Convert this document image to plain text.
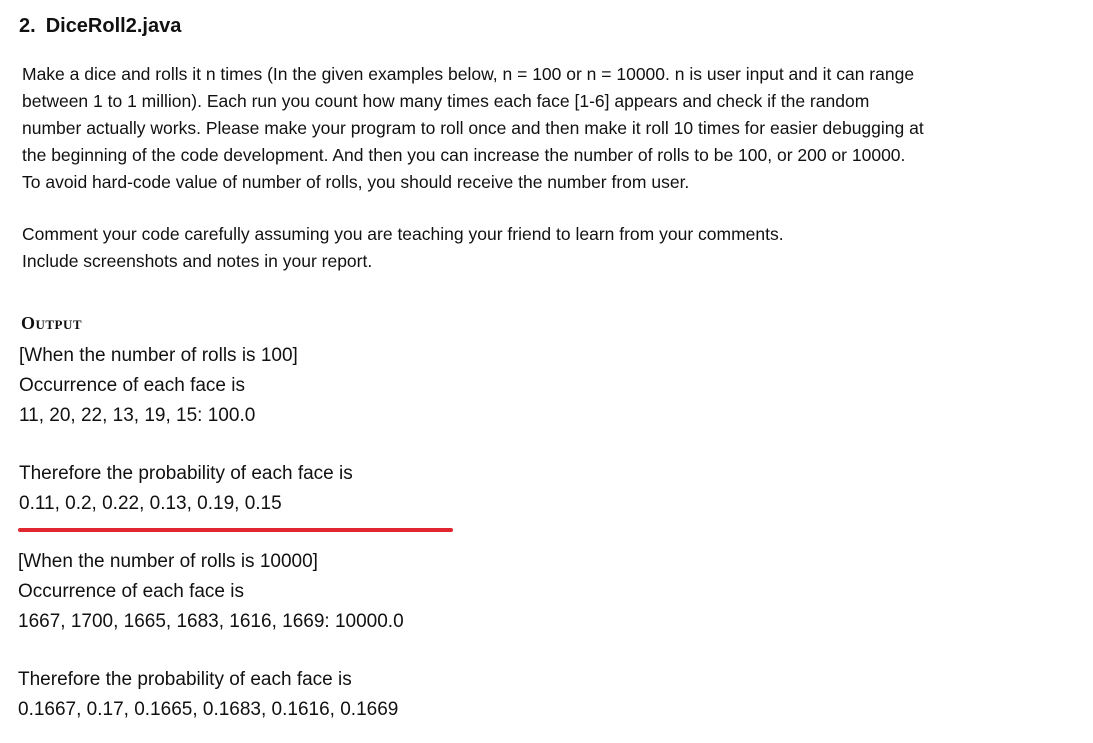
2. DiceRoll2.java
Make a dice and rolls it n times (In the given examples below, n = 100 or n = 10000. n is user input and it can range
between 1 to 1 million). Each run you count how many times each face [1-6] appears and check if the random
number actually works. Please make your program to roll once and then make it roll 10 times for easier debugging at
the beginning of the code development. And then you can increase the number of rolls to be 100, or 200 or 10000.
To avoid hard-code value of number of rolls, you should receive the number from user.
Comment your code carefully assuming you are teaching your friend to learn from your comments.
Include screenshots and notes in your report.
Output
[When the number of rolls is 100]
Occurrence of each face is
11, 20, 22, 13, 19, 15: 100.0
Therefore the probability of each face is
0.11, 0.2, 0.22, 0.13, 0.19, 0.15
[When the number of rolls is 10000]
Occurrence of each face is
1667, 1700, 1665, 1683, 1616, 1669: 10000.0
Therefore the probability of each face is
0.1667, 0.17, 0.1665, 0.1683, 0.1616, 0.1669
